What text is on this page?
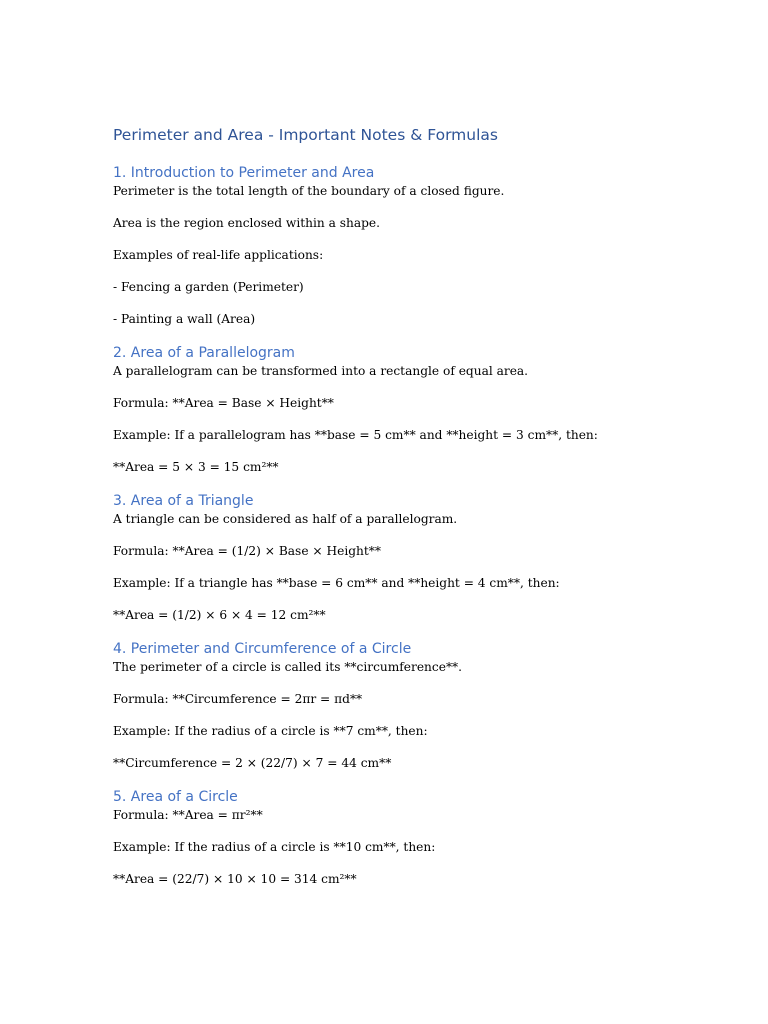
Perimeter and Area - Important Notes & Formulas
1. Introduction to Perimeter and Area

Perimeter is the total length of the boundary of a closed figure.

Area is the region enclosed within a shape.

Examples of real-life applications:

- Fencing a garden (Perimeter)

- Painting a wall (Area)

2. Area of a Parallelogram

A parallelogram can be transformed into a rectangle of equal area.

Formula: **Area = Base × Height**

Example: If a parallelogram has **base = 5 cm** and **height = 3 cm**, then:

**Area = 5 × 3 = 15 cm²**

3. Area of a Triangle

A triangle can be considered as half of a parallelogram.

Formula: **Area = (1/2) × Base × Height**

Example: If a triangle has **base = 6 cm** and **height = 4 cm**, then:

**Area = (1/2) × 6 × 4 = 12 cm²**

4. Perimeter and Circumference of a Circle

The perimeter of a circle is called its **circumference**.

Formula: **Circumference = 2πr = πd**

Example: If the radius of a circle is **7 cm**, then:

**Circumference = 2 × (22/7) × 7 = 44 cm**

5. Area of a Circle

Formula: **Area = πr²**

Example: If the radius of a circle is **10 cm**, then:

**Area = (22/7) × 10 × 10 = 314 cm²**
